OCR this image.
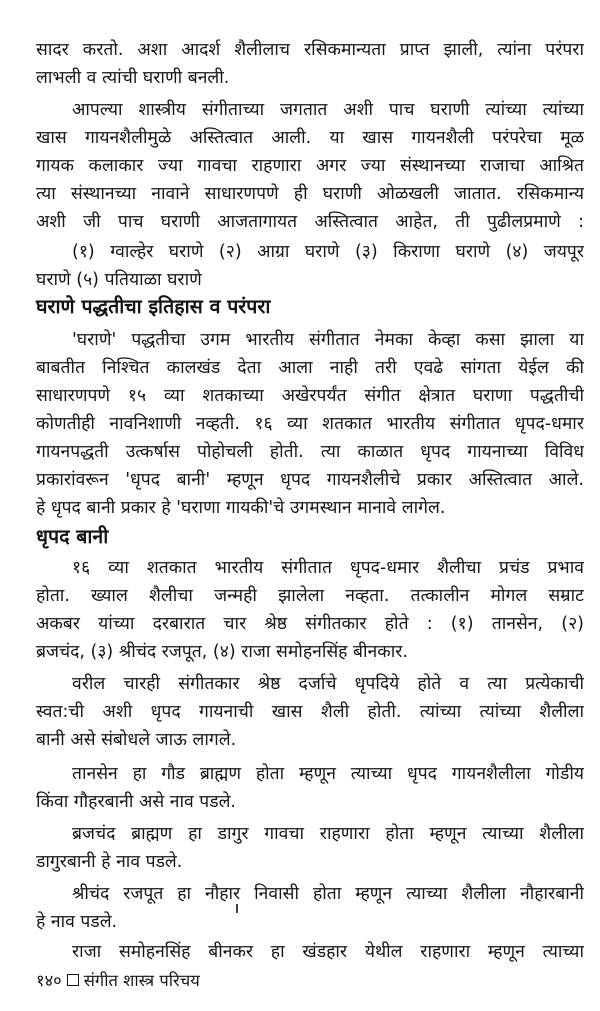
सादर करतो. अशा आदर्श शैलीलाच रसिकमान्यता प्राप्त झाली, त्यांना परंपरा
लाभली व त्यांची घराणी बनली.
आपल्या शास्त्रीय संगीताच्या जगतात अशी पाच घराणी त्यांच्या त्यांच्या
खास गायनशैलीमुळे अस्तित्वात आली. या खास गायनशैली परंपरेचा मूळ
गायक कलाकार ज्या गावचा राहणारा अगर ज्या संस्थानच्या राजाचा आश्रित
त्या संस्थानच्या नावाने साधारणपणे ही घराणी ओळखली जातात. रसिकमान्य
अशी जी पाच घराणी आजतागायत अस्तित्वात आहेत, ती पुढीलप्रमाणे :
(१) ग्वाल्हेर घराणे (२) आग्रा घराणे (३) किराणा घराणे (४) जयपूर
घराणे (५) पतियाळा घराणे
घराणे पद्धतीचा इतिहास व परंपरा
'घराणे' पद्धतीचा उगम भारतीय संगीतात नेमका केव्हा कसा झाला या
बाबतीत निश्चित कालखंड देता आला नाही तरी एवढे सांगता येईल की
साधारणपणे १५ व्या शतकाच्या अखेरपर्यंत संगीत क्षेत्रात घराणा पद्धतीची
कोणतीही नावनिशाणी नव्हती. १६ व्या शतकात भारतीय संगीतात धृपद-धमार
गायनपद्धती उत्कर्षास पोहोचली होती. त्या काळात धृपद गायनाच्या विविध
प्रकारांवरून 'धृपद बानी' म्हणून धृपद गायनशैलीचे प्रकार अस्तित्वात आले.
हे धृपद बानी प्रकार हे 'घराणा गायकी'चे उगमस्थान मानावे लागेल.
धृपद बानी
१६ व्या शतकात भारतीय संगीतात धृपद-धमार शैलीचा प्रचंड प्रभाव
होता. ख्याल शैलीचा जन्मही झालेला नव्हता. तत्कालीन मोगल सम्राट
अकबर यांच्या दरबारात चार श्रेष्ठ संगीतकार होते : (१) तानसेन, (२)
ब्रजचंद, (३) श्रीचंद रजपूत, (४) राजा समोहनसिंह बीनकार.
वरील चारही संगीतकार श्रेष्ठ दर्जाचे धृपदिये होते व त्या प्रत्येकाची
स्वत:ची अशी धृपद गायनाची खास शैली होती. त्यांच्या त्यांच्या शैलीला
बानी असे संबोधले जाऊ लागले.
तानसेन हा गौड ब्राह्मण होता म्हणून त्याच्या धृपद गायनशैलीला गोडीय
किंवा गौहरबानी असे नाव पडले.
ब्रजचंद ब्राह्मण हा डागुर गावचा राहणारा होता म्हणून त्याच्या शैलीला
डागुरबानी हे नाव पडले.
श्रीचंद रजपूत हा नौहार निवासी होता म्हणून त्याच्या शैलीला नौहारबानी
हे नाव पडले.
राजा समोहनसिंह बीनकर हा खंडहार येथील राहणारा म्हणून त्याच्या
१४० संगीत शास्त्र परिचय
